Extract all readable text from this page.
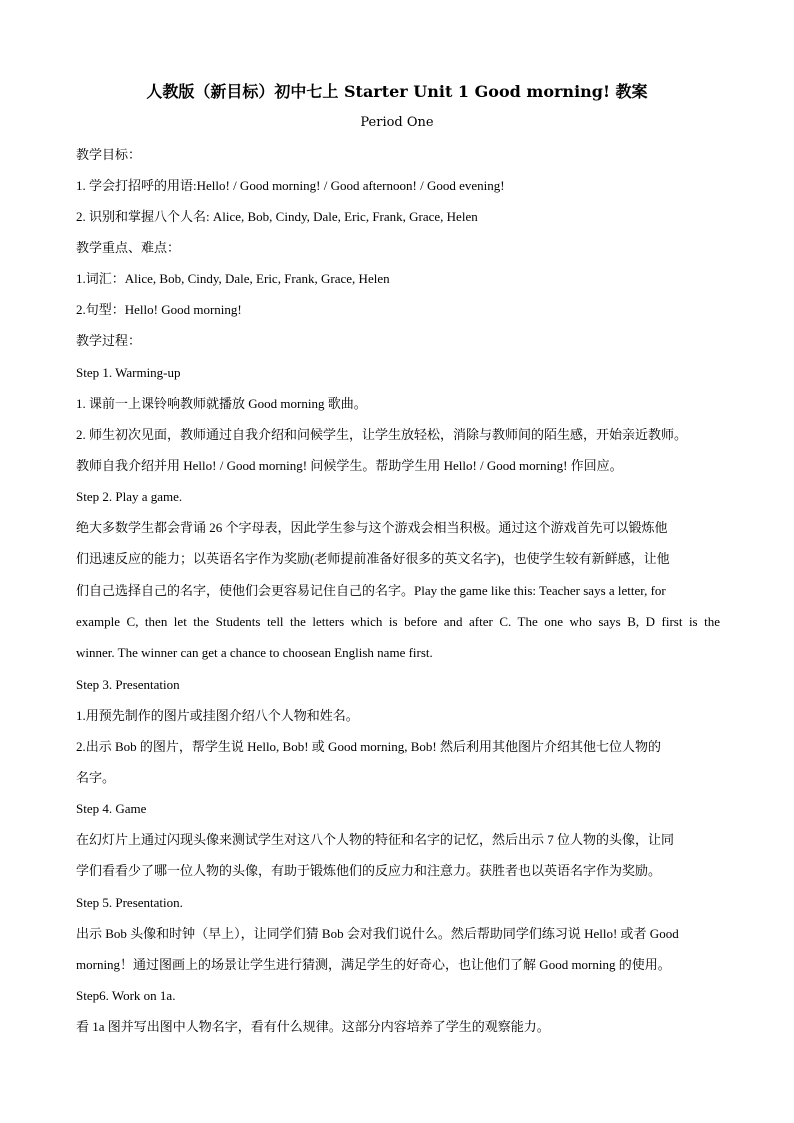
人教版（新目标）初中七上 Starter Unit 1 Good morning! 教案
Period One
教学目标：
1. 学会打招呼的用语:Hello! / Good morning! / Good afternoon! / Good evening!
2. 识别和掌握八个人名: Alice, Bob, Cindy, Dale, Eric, Frank, Grace, Helen
教学重点、难点：
1.词汇：Alice, Bob, Cindy, Dale, Eric, Frank, Grace, Helen
2.句型：Hello! Good morning!
教学过程：
Step 1. Warming-up
1. 课前一上课铃响教师就播放 Good morning 歌曲。
2. 师生初次见面，教师通过自我介绍和问候学生，让学生放轻松，消除与教师间的陌生感，开始亲近教师。
教师自我介绍并用 Hello! / Good morning! 问候学生。帮助学生用 Hello! / Good morning! 作回应。
Step 2. Play a game.
绝大多数学生都会背诵 26 个字母表，因此学生参与这个游戏会相当积极。通过这个游戏首先可以锻炼他
们迅速反应的能力；以英语名字作为奖励(老师提前准备好很多的英文名字)，也使学生较有新鲜感，让他
们自己选择自己的名字，使他们会更容易记住自己的名字。Play the game like this: Teacher says a letter, for
example C, then let the Students tell the letters which is before and after C. The one who says B, D first is the
winner. The winner can get a chance to choosean English name first.
Step 3. Presentation
1.用预先制作的图片或挂图介绍八个人物和姓名。
2.出示 Bob 的图片，帮学生说 Hello, Bob! 或 Good morning, Bob! 然后利用其他图片介绍其他七位人物的
名字。
Step 4. Game
在幻灯片上通过闪现头像来测试学生对这八个人物的特征和名字的记忆，然后出示 7 位人物的头像，让同
学们看看少了哪一位人物的头像，有助于锻炼他们的反应力和注意力。获胜者也以英语名字作为奖励。
Step 5. Presentation.
出示 Bob 头像和时钟（早上），让同学们猜 Bob 会对我们说什么。然后帮助同学们练习说 Hello! 或者 Good
morning！通过图画上的场景让学生进行猜测，满足学生的好奇心，也让他们了解 Good morning 的使用。
Step6. Work on 1a.
看 1a 图并写出图中人物名字，看有什么规律。这部分内容培养了学生的观察能力。
